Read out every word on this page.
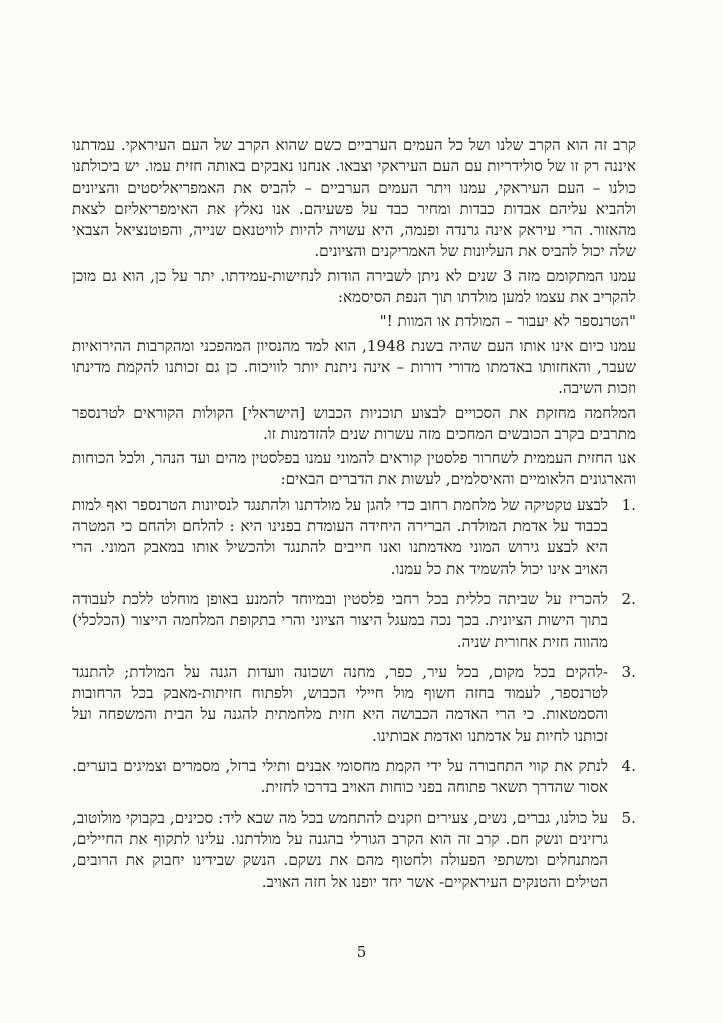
קרב זה הוא הקרב שלנו ושל כל העמים הערביים כשם שהוא הקרב של העם העיראקי. עמדתנו איננה רק זו של סולידריות עם העם העיראקי וצבאו. אנחנו נאבקים באותה חזית עמו. יש ביכולתנו כולנו – העם העיראקי, עמנו ויתר העמים הערביים – להביס את האמפריאליסטים והציונים ולהביא עליהם אבדות כבדות ומחיר כבד על פשעיהם. אנו נאלץ את האימפריאליזם לצאת מהאזור. הרי עיראק אינה גרנדה ופנמה, היא עשויה להיות לוויטנאם שנייה, והפוטנציאל הצבאי שלה יכול להביס את העליונות של האמריקנים והציונים.

עמנו המתקומם מזה 3 שנים לא ניתן לשבירה הודות לנחישות-עמידתו. יתר על כן, הוא גם מוכן להקריב את עצמו למען מולדתו תוך הנפת הסיסמא:

"הטרנספר לא יעבור – המולדת או המוות !"

עמנו כיום אינו אותו העם שהיה בשנת 1948, הוא למד מהנסיון המהפכני ומהקרבות ההירואיות שעבר, והאחזותו באדמתו מדורי דורות – אינה ניתנת יותר לוויכוח. כן גם זכותנו להקמת מדינתו וזכות השיבה.

המלחמה מחזקת את הסכויים לבצוע תוכניות הכבוש [הישראלי] הקולות הקוראים לטרנספר מתרבים בקרב הכובשים המחכים מזה עשרות שנים להזדמנות זו.

אנו החזית העממית לשחרור פלסטין קוראים להמוני עמנו בפלסטין מהים ועד הנהר, ולכל הכוחות והארגונים הלאומיים והאיסלמים, לעשות את הדברים הבאים:

1.
לבצע טקטיקה של מלחמת רחוב כדי להגן על מולדתנו ולהתנגד לנסיונות הטרנספר ואף למות בכבוד על אדמת המולדת. הברירה היחידה העומדת בפנינו היא : להלחם ולהחם כי המטרה היא לבצע גירוש המוני מאדמתנו ואנו חייבים להתנגד ולהכשיל אותו במאבק המוני. הרי האויב אינו יכול להשמיד את כל עמנו.
2.
להכריז על שביתה כללית בכל רחבי פלסטין ובמיוחד להמנע באופן מוחלט ללכת לעבודה בתוך הישות הציונית. בכך נכה במעגל היצור הציוני והרי בתקופת המלחמה הייצור (הכלכלי) מהווה חזית אחורית שניה.
3.
-להקים בכל מקום, בכל עיר, כפר, מחנה ושכונה וועדות הגנה על המולדת; להתנגד לטרנספר, לעמוד בחזה חשוף מול חיילי הכבוש, ולפתוח חזיתות-מאבק בכל הרחובות והסמטאות. כי הרי האדמה הכבושה היא חזית מלחמתית להגנה על הבית והמשפחה ועל זכותנו לחיות על אדמתנו ואדמת אבותינו.
4.
לנתק את קווי התחבורה על ידי הקמת מחסומי אבנים ותילי ברזל, מסמרים וצמיגים בוערים. אסור שהדרך תשאר פתוחה בפני כוחות האויב בדרכו לחזית.
5.
על כולנו, גברים, נשים, צעירים וזקנים להתחמש בכל מה שבא ליד: סכינים, בקבוקי מולוטוב, גרזינים ונשק חם. קרב זה הוא הקרב הגורלי בהגנה על מולדתנו. עלינו לתקוף את החיילים, המתנחלים ומשתפי הפעולה ולחטוף מהם את נשקם. הנשק שבידינו יחבוק את הרובים, הטילים והטנקים העיראקיים- אשר יחד יופנו אל חזה האויב.
5
